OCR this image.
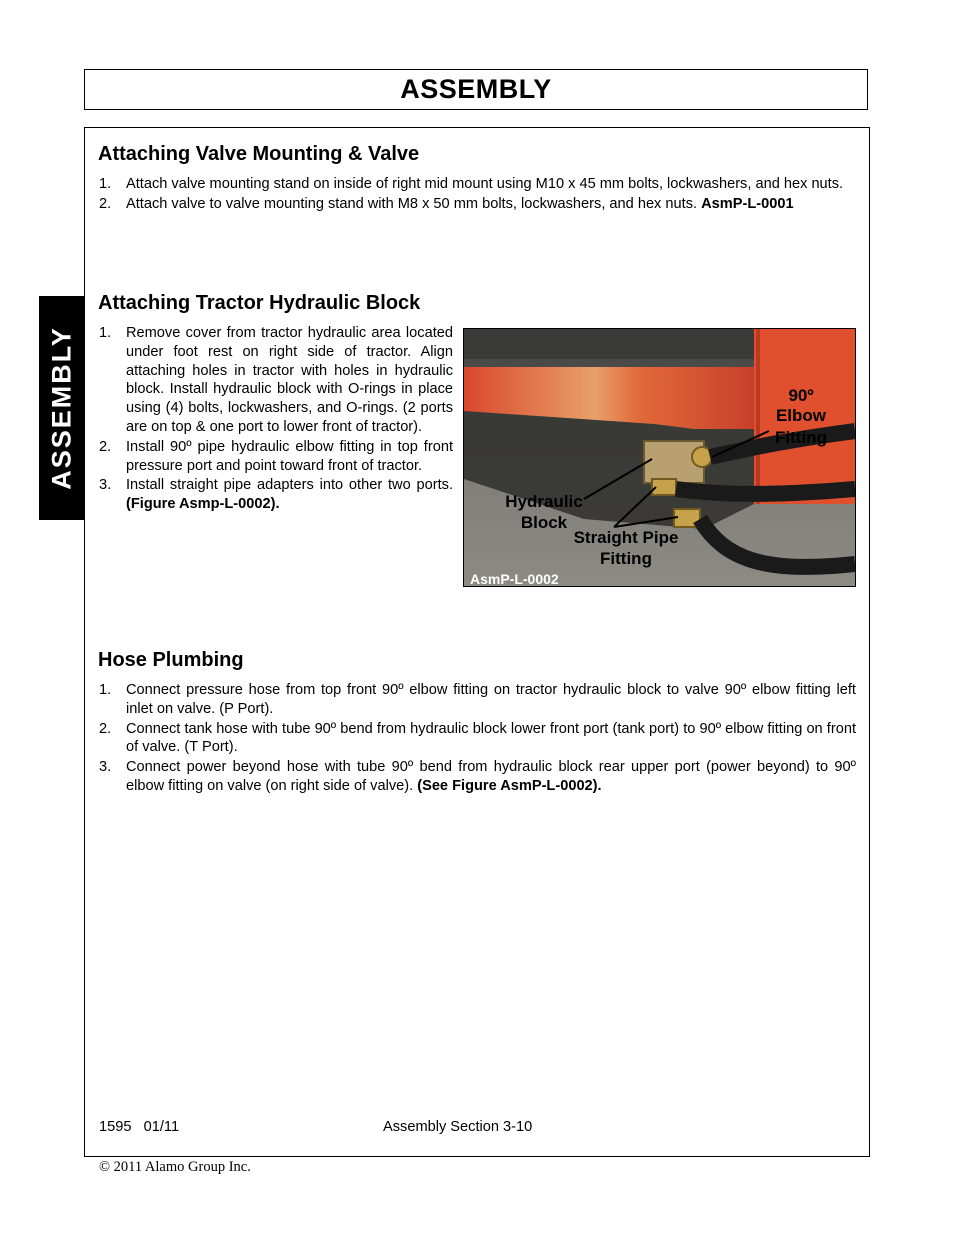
ASSEMBLY
ASSEMBLY
Attaching Valve Mounting & Valve
1. Attach valve mounting stand on inside of right mid mount using M10 x 45 mm bolts, lockwashers, and hex nuts.
2. Attach valve to valve mounting stand with M8 x 50 mm bolts, lockwashers, and hex nuts. AsmP-L-0001
Attaching Tractor Hydraulic Block
1. Remove cover from tractor hydraulic area located under foot rest on right side of tractor. Align attaching holes in tractor with holes in hydraulic block. Install hydraulic block with O-rings in place using (4) bolts, lockwashers, and O-rings. (2 ports are on top & one port to lower front of tractor).
2. Install 90º pipe hydraulic elbow fitting in top front pressure port and point toward front of tractor.
3. Install straight pipe adapters into other two ports. (Figure Asmp-L-0002).
90º
Elbow
Fitting
Hydraulic
Block
Straight Pipe
Fitting
AsmP-L-0002
Hose Plumbing
1. Connect pressure hose from top front 90º elbow fitting on tractor hydraulic block to valve 90º elbow fitting left inlet on valve. (P Port).
2. Connect tank hose with tube 90º bend from hydraulic block lower front port (tank port) to 90º elbow fitting on front of valve. (T Port).
3. Connect power beyond hose with tube 90º bend from hydraulic block rear upper port (power beyond) to 90º elbow fitting on valve (on right side of valve). (See Figure AsmP-L-0002).
1595   01/11	Assembly Section 3-10
© 2011 Alamo Group Inc.
